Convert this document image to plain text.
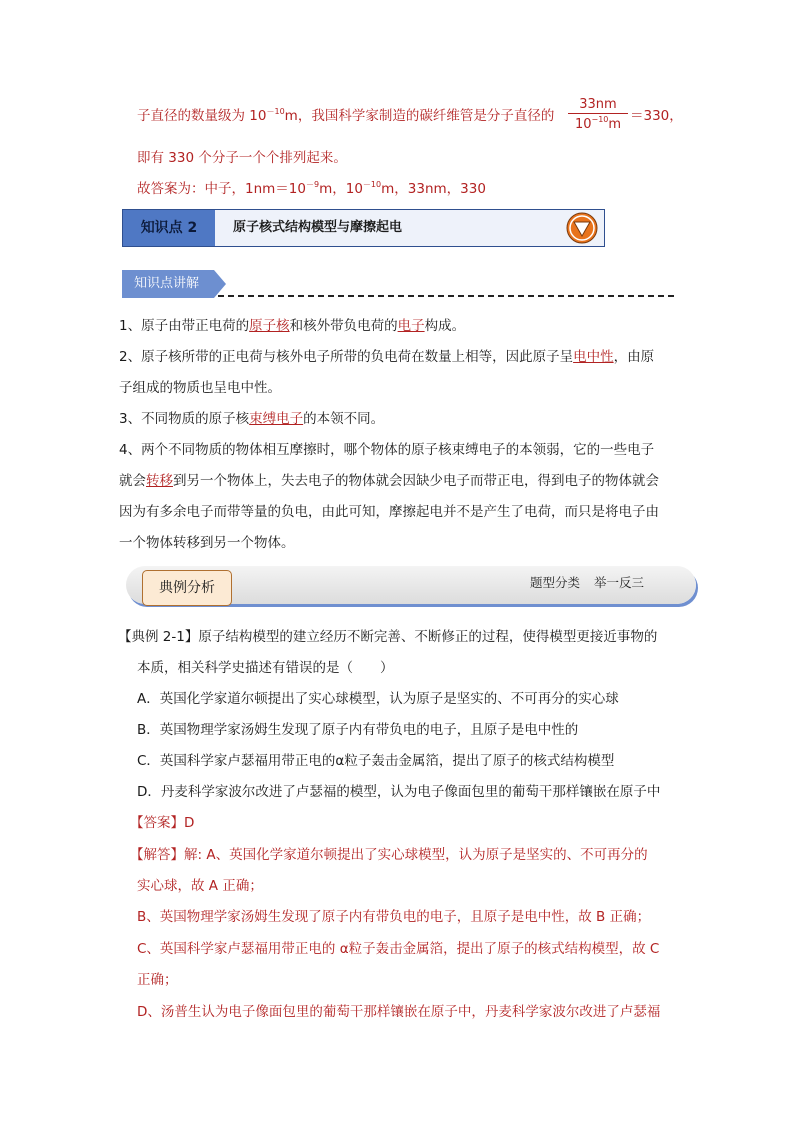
子直径的数量级为 $10^{-10}m$，我国科学家制造的碳纤维管是分子直径的 $\frac{33nm}{10^{-10}m} =330$，
即有 330 个分子一个个排列起来。
故答案为：中子，$1nm=10^{-9}m$，$10^{-10}m$，33nm，330
知识点 2	原子核式结构模型与摩擦起电
知识点讲解
1、原子由带正电荷的原子核和核外带负电荷的电子构成。
2、原子核所带的正电荷与核外电子所带的负电荷在数量上相等，因此原子呈电中性，由原
子组成的物质也呈电中性。
3、不同物质的原子核束缚电子的本领不同。
4、两个不同物质的物体相互摩擦时，哪个物体的原子核束缚电子的本领弱，它的一些电子
就会转移到另一个物体上，失去电子的物体就会因缺少电子而带正电，得到电子的物体就会
因为有多余电子而带等量的负电，由此可知，摩擦起电并不是产生了电荷，而只是将电子由
一个物体转移到另一个物体。
典例分析	题型分类 举一反三
【典例 2-1】原子结构模型的建立经历不断完善、不断修正的过程，使得模型更接近事物的
本质，相关科学史描述有错误的是（　　）
A．英国化学家道尔顿提出了实心球模型，认为原子是坚实的、不可再分的实心球
B．英国物理学家汤姆生发现了原子内有带负电的电子，且原子是电中性的
C．英国科学家卢瑟福用带正电的α粒子轰击金属箔，提出了原子的核式结构模型
D．丹麦科学家波尔改进了卢瑟福的模型，认为电子像面包里的葡萄干那样镶嵌在原子中
【答案】D
【解答】解: A、英国化学家道尔顿提出了实心球模型，认为原子是坚实的、不可再分的
实心球，故 A 正确；
B、英国物理学家汤姆生发现了原子内有带负电的电子，且原子是电中性，故 B 正确；
C、英国科学家卢瑟福用带正电的 α粒子轰击金属箔，提出了原子的核式结构模型，故 C
正确；
D、汤普生认为电子像面包里的葡萄干那样镶嵌在原子中，丹麦科学家波尔改进了卢瑟福
